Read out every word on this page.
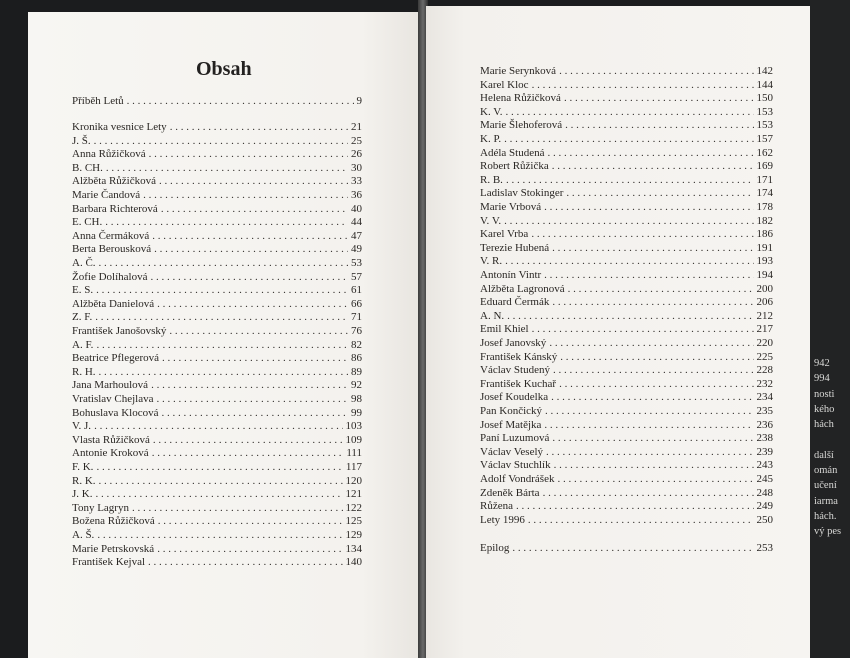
942
994
nosti
kého
hách

další
omán
učení
iarma
hách.
vý pes
Obsah
Příběh Letů . . .	9
Kronika vesnice Lety . . .	21
J. Š. . . .	25
Anna Růžičková . . .	26
B. CH. . . .	30
Alžběta Růžičková . . .	33
Marie Čandová . . .	36
Barbara Richterová . . .	40
E. CH. . . .	44
Anna Čermáková . . .	47
Berta Berousková . . .	49
A. Č. . . .	53
Žofie Dolíhalová . . .	57
E. S. . . .	61
Alžběta Danielová . . .	66
Z. F. . . .	71
František Janošovský . . .	76
A. F. . . .	82
Beatrice Pflegerová . . .	86
R. H. . . .	89
Jana Marhoulová . . .	92
Vratislav Chejlava . . .	98
Bohuslava Klocová . . .	99
V. J. . . .	103
Vlasta Růžičková . . .	109
Antonie Kroková . . .	111
F. K. . . .	117
R. K. . . .	120
J. K. . . .	121
Tony Lagryn . . .	122
Božena Růžičková . . .	125
A. Š. . . .	129
Marie Petrskovská . . .	134
František Kejval . . .	140
Marie Serynková . . .	142
Karel Kloc . . .	144
Helena Růžičková . . .	150
K. V. . . .	153
Marie Šlehoferová . . .	153
K. P. . . .	157
Adéla Studená . . .	162
Robert Růžička . . .	169
R. B. . . .	171
Ladislav Stokinger . . .	174
Marie Vrbová . . .	178
V. V. . . .	182
Karel Vrba . . .	186
Terezie Hubená . . .	191
V. R. . . .	193
Antonín Vintr . . .	194
Alžběta Lagronová . . .	200
Eduard Čermák . . .	206
A. N. . . .	212
Emil Khiel . . .	217
Josef Janovský . . .	220
František Kánský . . .	225
Václav Studený . . .	228
František Kuchař . . .	232
Josef Koudelka . . .	234
Pan Končický . . .	235
Josef Matějka . . .	236
Paní Luzumová . . .	238
Václav Veselý . . .	239
Václav Stuchlík . . .	243
Adolf Vondrášek . . .	245
Zdeněk Bárta . . .	248
Růžena . . .	249
Lety 1996 . . .	250
Epilog . . .	253
